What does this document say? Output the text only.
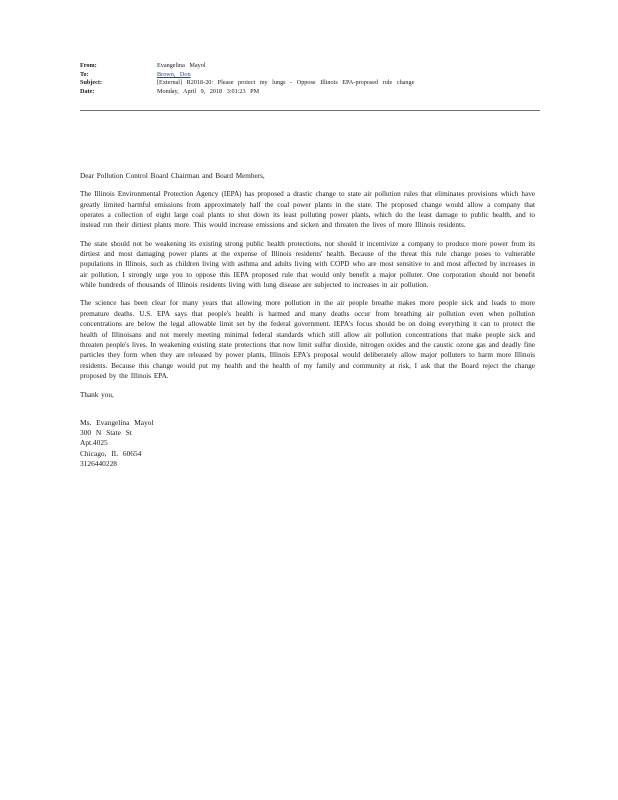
From:	Evangelina Mayol
To:	Brown, Don
Subject:	[External] R2018-20: Please protect my lungs - Oppose Illinois EPA-proposed rule change
Date:	Monday, April 9, 2018 3:01:23 PM

Dear Pollution Control Board Chairman and Board Members,

The Illinois Environmental Protection Agency (IEPA) has proposed a drastic change to state air pollution rules that eliminates provisions which have greatly limited harmful emissions from approximately half the coal power plants in the state. The proposed change would allow a company that operates a collection of eight large coal plants to shut down its least polluting power plants, which do the least damage to public health, and to instead run their dirtiest plants more. This would increase emissions and sicken and threaten the lives of more Illinois residents.

The state should not be weakening its existing strong public health protections, nor should it incentivize a company to produce more power from its dirtiest and most damaging power plants at the expense of Illinois residents' health. Because of the threat this rule change poses to vulnerable populations in Illinois, such as children living with asthma and adults living with COPD who are most sensitive to and most affected by increases in air pollution, I strongly urge you to oppose this IEPA proposed rule that would only benefit a major polluter. One corporation should not benefit while hundreds of thousands of Illinois residents living with lung disease are subjected to increases in air pollution.

The science has been clear for many years that allowing more pollution in the air people breathe makes more people sick and leads to more premature deaths. U.S. EPA says that people's health is harmed and many deaths occur from breathing air pollution even when pollution concentrations are below the legal allowable limit set by the federal government. IEPA's focus should be on doing everything it can to protect the health of Illinoisans and not merely meeting minimal federal standards which still allow air pollution concentrations that make people sick and threaten people's lives. In weakening existing state protections that now limit sulfur dioxide, nitrogen oxides and the caustic ozone gas and deadly fine particles they form when they are released by power plants, Illinois EPA's proposal would deliberately allow major polluters to harm more Illinois residents. Because this change would put my health and the health of my family and community at risk, I ask that the Board reject the change proposed by the Illinois EPA.

Thank you,

Ms. Evangelina Mayol
300 N State St
Apt.4025
Chicago, IL 60654
3126440228
